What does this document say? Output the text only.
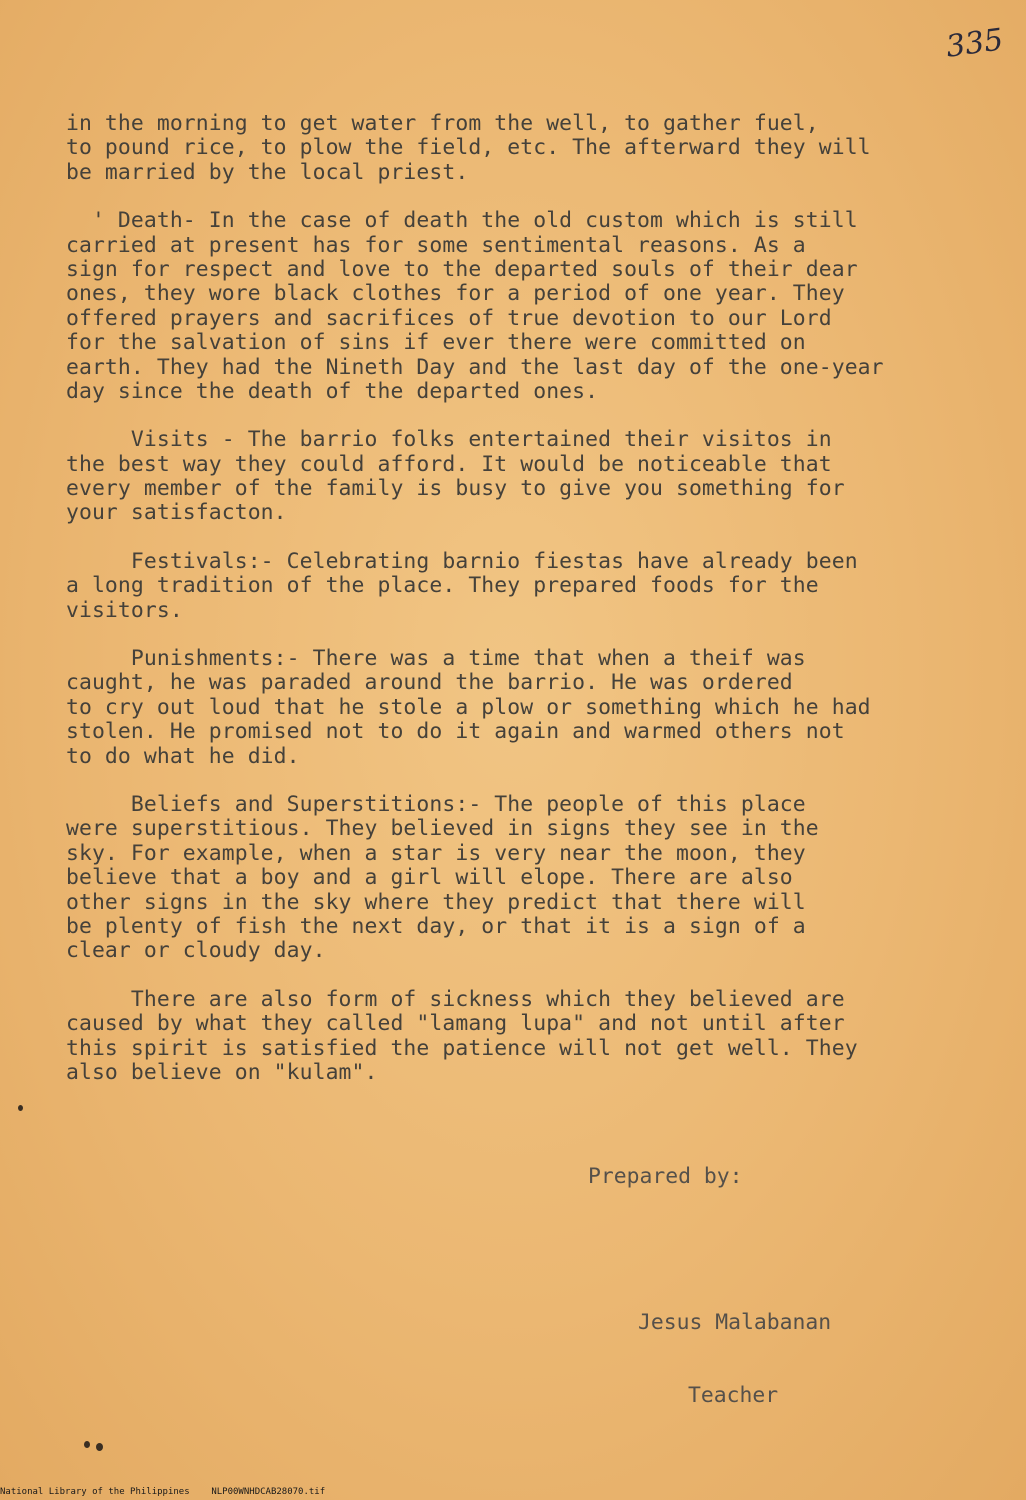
335
in the morning to get water from the well, to gather fuel,
to pound rice, to plow the field, etc. The afterward they will
be married by the local priest.
' Death- In the case of death the old custom which is still
carried at present has for some sentimental reasons. As a
sign for respect and love to the departed souls of their dear
ones, they wore black clothes for a period of one year. They
offered prayers and sacrifices of true devotion to our Lord
for the salvation of sins if ever there were committed on
earth. They had the Nineth Day and the last day of the one-year
day since the death of the departed ones.
Visits - The barrio folks entertained their visitos in
the best way they could afford. It would be noticeable that
every member of the family is busy to give you something for
your satisfacton.
Festivals:- Celebrating barnio fiestas have already been
a long tradition of the place. They prepared foods for the
visitors.
Punishments:- There was a time that when a theif was
caught, he was paraded around the barrio. He was ordered
to cry out loud that he stole a plow or something which he had
stolen. He promised not to do it again and warmed others not
to do what he did.
Beliefs and Superstitions:- The people of this place
were superstitious. They believed in signs they see in the
sky. For example, when a star is very near the moon, they
believe that a boy and a girl will elope. There are also
other signs in the sky where they predict that there will
be plenty of fish the next day, or that it is a sign of a
clear or cloudy day.
There are also form of sickness which they believed are
caused by what they called "lamang lupa" and not until after
this spirit is satisfied the patience will not get well. They
also believe on "kulam".

Prepared by:

Jesus Malabanan

Teacher

National Library of the Philippines NLP00WNHDCAB28070.tif
